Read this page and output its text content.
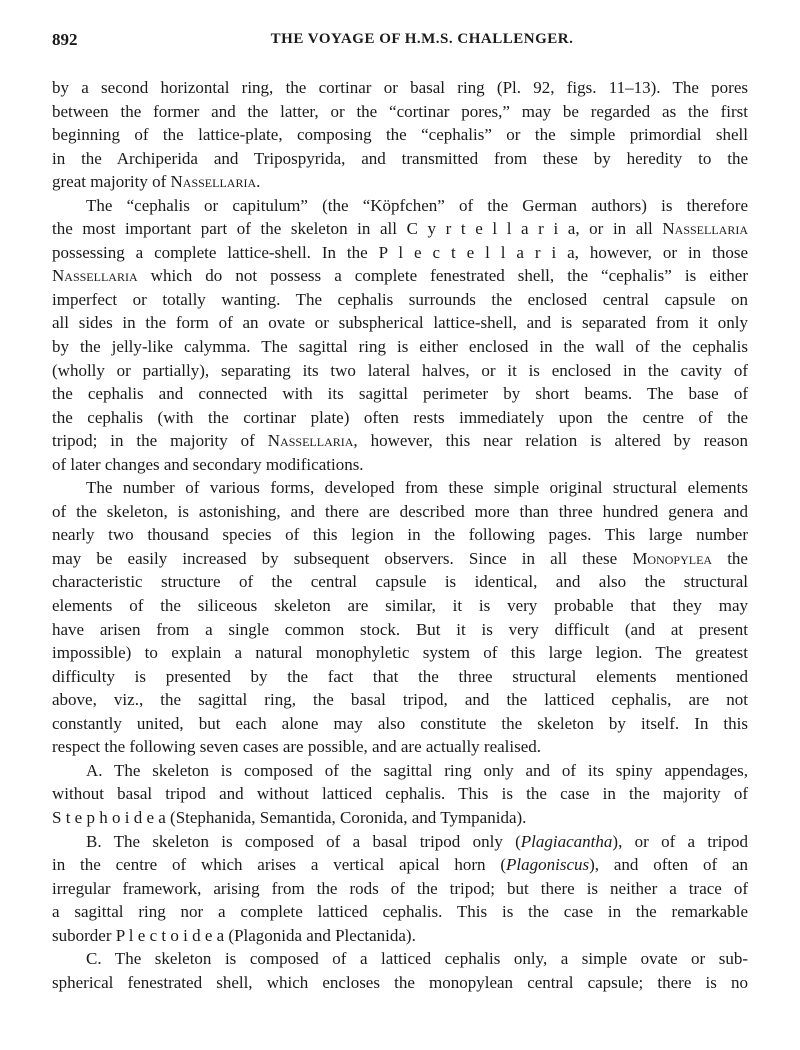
892	THE VOYAGE OF H.M.S. CHALLENGER.
by a second horizontal ring, the cortinar or basal ring (Pl. 92, figs. 11–13). The pores
between the former and the latter, or the “cortinar pores,” may be regarded as the first
beginning of the lattice-plate, composing the “cephalis” or the simple primordial shell
in the Archiperida and Tripospyrida, and transmitted from these by heredity to the
great majority of Nassellaria.
The “cephalis or capitulum” (the “Köpfchen” of the German authors) is therefore
the most important part of the skeleton in all C y r t e l l a r i a, or in all Nassellaria
possessing a complete lattice-shell. In the P l e c t e l l a r i a, however, or in those
Nassellaria which do not possess a complete fenestrated shell, the “cephalis” is either
imperfect or totally wanting. The cephalis surrounds the enclosed central capsule on
all sides in the form of an ovate or subspherical lattice-shell, and is separated from it only
by the jelly-like calymma. The sagittal ring is either enclosed in the wall of the cephalis
(wholly or partially), separating its two lateral halves, or it is enclosed in the cavity of
the cephalis and connected with its sagittal perimeter by short beams. The base of
the cephalis (with the cortinar plate) often rests immediately upon the centre of the
tripod; in the majority of Nassellaria, however, this near relation is altered by reason
of later changes and secondary modifications.
The number of various forms, developed from these simple original structural elements
of the skeleton, is astonishing, and there are described more than three hundred genera and
nearly two thousand species of this legion in the following pages. This large number
may be easily increased by subsequent observers. Since in all these Monopylea the
characteristic structure of the central capsule is identical, and also the structural
elements of the siliceous skeleton are similar, it is very probable that they may
have arisen from a single common stock. But it is very difficult (and at present
impossible) to explain a natural monophyletic system of this large legion. The greatest
difficulty is presented by the fact that the three structural elements mentioned
above, viz., the sagittal ring, the basal tripod, and the latticed cephalis, are not
constantly united, but each alone may also constitute the skeleton by itself. In this
respect the following seven cases are possible, and are actually realised.
A. The skeleton is composed of the sagittal ring only and of its spiny appendages,
without basal tripod and without latticed cephalis. This is the case in the majority of
S t e p h o i d e a (Stephanida, Semantida, Coronida, and Tympanida).
B. The skeleton is composed of a basal tripod only (Plagiacantha), or of a tripod
in the centre of which arises a vertical apical horn (Plagoniscus), and often of an
irregular framework, arising from the rods of the tripod; but there is neither a trace of
a sagittal ring nor a complete latticed cephalis. This is the case in the remarkable
suborder P l e c t o i d e a (Plagonida and Plectanida).
C. The skeleton is composed of a latticed cephalis only, a simple ovate or sub-
spherical fenestrated shell, which encloses the monopylean central capsule; there is no
